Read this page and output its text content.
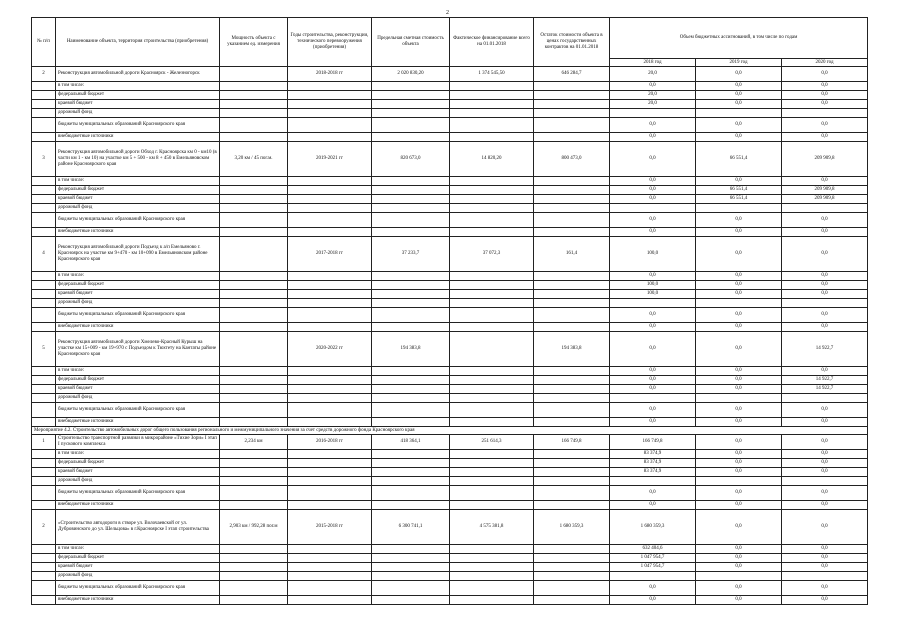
2
№ п/п	Наименование объекта, территория строительства (приобретения)	Мощность объекта с указанием ед. измерения	Годы строительства, реконструкции, технического перевооружения (приобретения)	Предельная сметная стоимость объекта	Фактическое финансирование всего на 01.01.2018	Остаток стоимости объекта в ценах государственных контрактов на 01.01.2018	Объем бюджетных ассигнований, в том числе по годам		
							2018 год	2019 год	2020 год
2	Реконструкция автомобильной дороги Красноярск - Железногорск		2018-2018 гг	2 020 830,20	1 374 545,50	646 284,7	20,0	0,0	0,0
	в том числе:						0,0	0,0	0,0
	федеральный бюджет						20,0	0,0	0,0
	краевой бюджет						20,0	0,0	0,0
	дорожный фонд								
	бюджеты муниципальных образований Красноярского края						0,0	0,0	0,0
	внебюджетные источники						0,0	0,0	0,0
3	Реконструкция автомобильной дороги Обход г. Красноярска км 0 - км10 (в части км 1 - км 10) на участке км 5 + 500 - км 8 + 450 в Емельяновском районе Красноярского края	3,20 км / 45 пог.м.	2019-2021 гг	820 673,0	14 820,20	800 473,0	0,0	66 551,4	209 909,8
	в том числе:						0,0	0,0	0,0
	федеральный бюджет						0,0	66 551,4	209 909,8
	краевой бюджет						0,0	66 551,4	209 909,8
	дорожный фонд								
	бюджеты муниципальных образований Красноярского края						0,0	0,0	0,0
	внебюджетные источники						0,0	0,0	0,0
4	Реконструкция автомобильной дороги Подъезд к а/п Емельяново г. Красноярск на участке км 9+470 - км 10+090 в Емельяновском районе Красноярского края		2017-2018 гг	37 233,7	37 072,3	161,4	100,0	0,0	0,0
	в том числе:						0,0	0,0	0,0
	федеральный бюджет						100,0	0,0	0,0
	краевой бюджет						100,0	0,0	0,0
	дорожный фонд								
	бюджеты муниципальных образований Красноярского края						0,0	0,0	0,0
	внебюджетные источники						0,0	0,0	0,0
5	Реконструкция автомобильной дороги Хмелево-Красный Курыш на участке км 15+009 - км 19+970 с Подъездом к Тюхтету на Кантаты районе Красноярского края		2020-2022 гг	194 383,8		194 383,8	0,0	0,0	14 922,7
	в том числе:						0,0	0,0	0,0
	федеральный бюджет						0,0	0,0	14 922,7
	краевой бюджет						0,0	0,0	14 922,7
	дорожный фонд								
	бюджеты муниципальных образований Красноярского края						0,0	0,0	0,0
	внебюджетные источники						0,0	0,0	0,0
Мероприятие 4.2. Строительство автомобильных дорог общего пользования регионального и межмуниципального значения за счет средств дорожного фонда Красноярского края									
1	Строительство транспортной развязки в микрорайоне «Тихие Зори» I этап I пускового комплекса	2,234 км	2016-2018 гг	418 364,1	251 614,3	166 749,8	166 749,8	0,0	0,0
	в том числе:						83 374,9	0,0	0,0
	федеральный бюджет						83 374,9	0,0	0,0
	краевой бюджет						83 374,9	0,0	0,0
	дорожный фонд								
	бюджеты муниципальных образований Красноярского края						0,0	0,0	0,0
	внебюджетные источники						0,0	0,0	0,0
2	«Строительство автодороги в створе ул. Волочаевской от ул. Дубровинского до ул. Шельцова» в г.Красноярске I этап строительства	2,903 км / 992,28 пог.м	2015-2018 гг	6 300 741,1	4 575 381,8	1 680 359,3	1 680 359,3	0,0	0,0
	в том числе:						632 404,6	0,0	0,0
	федеральный бюджет						1 047 954,7	0,0	0,0
	краевой бюджет						1 047 954,7	0,0	0,0
	дорожный фонд								
	бюджеты муниципальных образований Красноярского края						0,0	0,0	0,0
	внебюджетные источники						0,0	0,0	0,0
